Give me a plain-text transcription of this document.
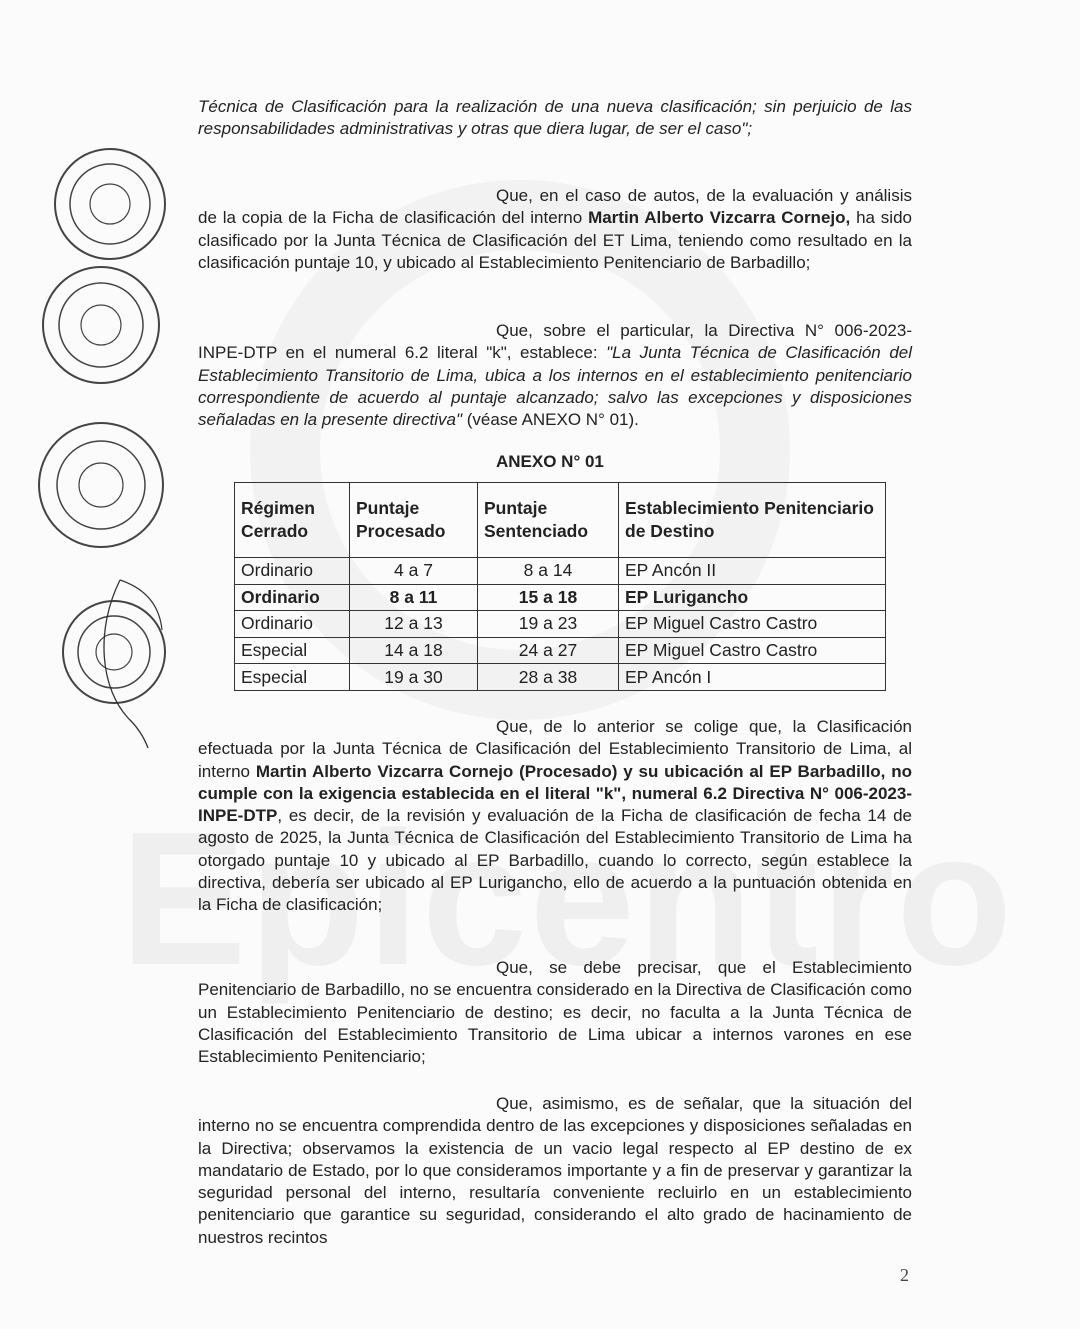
Técnica de Clasificación para la realización de una nueva clasificación; sin perjuicio de las responsabilidades administrativas y otras que diera lugar, de ser el caso";
Que, en el caso de autos, de la evaluación y análisis de la copia de la Ficha de clasificación del interno Martin Alberto Vizcarra Cornejo, ha sido clasificado por la Junta Técnica de Clasificación del ET Lima, teniendo como resultado en la clasificación puntaje 10, y ubicado al Establecimiento Penitenciario de Barbadillo;
Que, sobre el particular, la Directiva N° 006-2023-INPE-DTP en el numeral 6.2 literal "k", establece: "La Junta Técnica de Clasificación del Establecimiento Transitorio de Lima, ubica a los internos en el establecimiento penitenciario correspondiente de acuerdo al puntaje alcanzado; salvo las excepciones y disposiciones señaladas en la presente directiva" (véase ANEXO N° 01).
ANEXO N° 01
Régimen Cerrado	Puntaje Procesado	Puntaje Sentenciado	Establecimiento Penitenciario de Destino
Ordinario	4 a 7	8 a 14	EP Ancón II
Ordinario	8 a 11	15 a 18	EP Lurigancho
Ordinario	12 a 13	19 a 23	EP Miguel Castro Castro
Especial	14 a 18	24 a 27	EP Miguel Castro Castro
Especial	19 a 30	28 a 38	EP Ancón I
Que, de lo anterior se colige que, la Clasificación efectuada por la Junta Técnica de Clasificación del Establecimiento Transitorio de Lima, al interno Martin Alberto Vizcarra Cornejo (Procesado) y su ubicación al EP Barbadillo, no cumple con la exigencia establecida en el literal "k", numeral 6.2 Directiva N° 006-2023-INPE-DTP, es decir, de la revisión y evaluación de la Ficha de clasificación de fecha 14 de agosto de 2025, la Junta Técnica de Clasificación del Establecimiento Transitorio de Lima ha otorgado puntaje 10 y ubicado al EP Barbadillo, cuando lo correcto, según establece la directiva, debería ser ubicado al EP Lurigancho, ello de acuerdo a la puntuación obtenida en la Ficha de clasificación;
Que, se debe precisar, que el Establecimiento Penitenciario de Barbadillo, no se encuentra considerado en la Directiva de Clasificación como un Establecimiento Penitenciario de destino; es decir, no faculta a la Junta Técnica de Clasificación del Establecimiento Transitorio de Lima ubicar a internos varones en ese Establecimiento Penitenciario;
Que, asimismo, es de señalar, que la situación del interno no se encuentra comprendida dentro de las excepciones y disposiciones señaladas en la Directiva; observamos la existencia de un vacio legal respecto al EP destino de ex mandatario de Estado, por lo que consideramos importante y a fin de preservar y garantizar la seguridad personal del interno, resultaría conveniente recluirlo en un establecimiento penitenciario que garantice su seguridad, considerando el alto grado de hacinamiento de nuestros recintos
2
